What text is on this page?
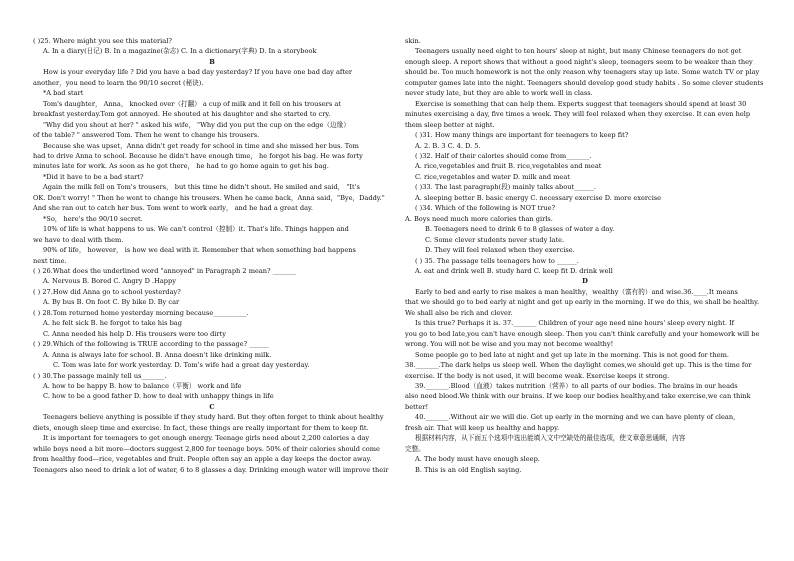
( )25. Where might you see this material?
A. In a diary(日记) B. In a magazine(杂志) C. In a dictionary(字典) D. In a storybook
B
How is your everyday life ? Did you have a bad day yesterday? If you have one bad day after
another，you need to learn the 90/10 secret (秘诀).
*A bad start
Tom's daughter， Anna， knocked over（打翻） a cup of milk and it fell on his trousers at
breakfast yesterday.Tom got annoyed. He shouted at his daughter and she started to cry.
"Why did you shout at her? " asked his wife， "Why did you put the cup on the edge（边缘）
of the table? " answered Tom. Then he went to change his trousers.
Because she was upset，Anna didn't get ready for school in time and she missed her bus. Tom
had to drive Anna to school. Because he didn't have enough time， he forgot his bag. He was forty
minutes late for work. As soon as he got there， he had to go home again to get his bag.
*Did it have to be a bad start?
Again the milk fell on Tom's trousers， but this time he didn't shout. He smiled and said， "It's
OK. Don't worry! " Then he went to change his trousers. When he came back，Anna said，"Bye，Daddy."
And she ran out to catch her bus. Tom went to work early， and he had a great day.
*So， here's the 90/10 secret.
10% of life is what happens to us. We can't control（控制）it. That's life. Things happen and
we have to deal with them.
90% of life， however， is how we deal with it. Remember that when something bad happens
next time.
( ) 26.What does the underlined word "annoyed" in Paragraph 2 mean? _______
A. Nervous B. Bored C. Angry D .Happy
( ) 27.How did Anna go to school yesterday?
A. By bus B. On foot C. By bike D. By car
( ) 28.Tom returned home yesterday morning because__________.
A. he felt sick B. he forgot to take his bag
C. Anna needed his help D. His trousers were too dirty
( ) 29.Which of the following is TRUE according to the passage? ______
A. Anna is always late for school. B. Anna doesn't like drinking milk.
C. Tom was late for work yesterday. D. Tom's wife had a great day yesterday.
( ) 30.The passage mainly tell us_______.
A. how to be happy B. how to balance（平衡） work and life
C. how to be a good father D. how to deal with unhappy things in life
C
Teenagers believe anything is possible if they study hard. But they often forget to think about healthy
diets, enough sleep time and exercise. In fact, these things are really important for them to keep fit.
It is important for teenagers to get enough energy. Teenage girls need about 2,200 calories a day
while boys need a bit more—doctors suggest 2,800 for teenage boys. 50% of their calories should come
from healthy food—rice, vegetables and fruit. People often say an apple a day keeps the doctor away.
Teenagers also need to drink a lot of water, 6 to 8 glasses a day. Drinking enough water will improve their
skin.
Teenagers usually need eight to ten hours' sleep at night, but many Chinese teenagers do not get
enough sleep. A report shows that without a good night's sleep, teenagers seem to be weaker than they
should be. Too much homework is not the only reason why teenagers stay up late. Some watch TV or play
computer games late into the night. Teenagers should develop good study habits . So some clever students
never study late, but they are able to work well in class.
Exercise is something that can help them. Experts suggest that teenagers should spend at least 30
minutes exercising a day, five times a week. They will feel relaxed when they exercise. It can even help
them sleep better at night.
( )31. How many things are important for teenagers to keep fit?
A. 2. B. 3 C. 4. D. 5.
( )32. Half of their calories should come from_______.
A. rice,vegetables and fruit B. rice,vegetables and meat
C. rice,vegetables and water D. milk and meat
( )33. The last paragraph(段) mainly talks about______.
A. sleeping better B. basic energy C. necessary exercise D. more exercise
( )34. Which of the following is NOT true?
A. Boys need much more calories than girls.
B. Teenagers need to drink 6 to 8 glasses of water a day.
C. Some clever students never study late.
D. They will feel relaxed when they exercise.
( ) 35. The passage tells teenagers how to ______.
A. eat and drink well B. study hard C. keep fit D. drink well
D
Early to bed and early to rise makes a man healthy，wealthy（富有的）and wise.36.____.It means
that we should go to bed early at night and get up early in the morning. If we do this, we shall be healthy.
We shall also be rich and clever.
Is this true? Perhaps it is. 37._______ Children of your age need nine hours' sleep every night. If
you go to bed late,you can't have enough sleep. Then you can't think carefully and your homework will be
wrong. You will not be wise and you may not become wealthy!
Some people go to bed late at night and get up late in the morning. This is not good for them.
38._______.The dark helps us sleep well. When the daylight comes,we should get up. This is the time for
exercise. If the body is not used, it will become weak. Exercise keeps it strong.
39._______.Blood（血液）takes nutrition（营养）to all parts of our bodies. The brains in our heads
also need blood.We think with our brains. If we keep our bodies healthy,and take exercise,we can think
better!
40._______.Without air we will die. Get up early in the morning and we can have plenty of clean,
fresh air. That will keep us healthy and happy.
根据材料内容，从下面五个选项中选出能填入文中空缺处的最佳选项，使文章意思通顺，内容
完整。
A. The body must have enough sleep.
B. This is an old English saying.
